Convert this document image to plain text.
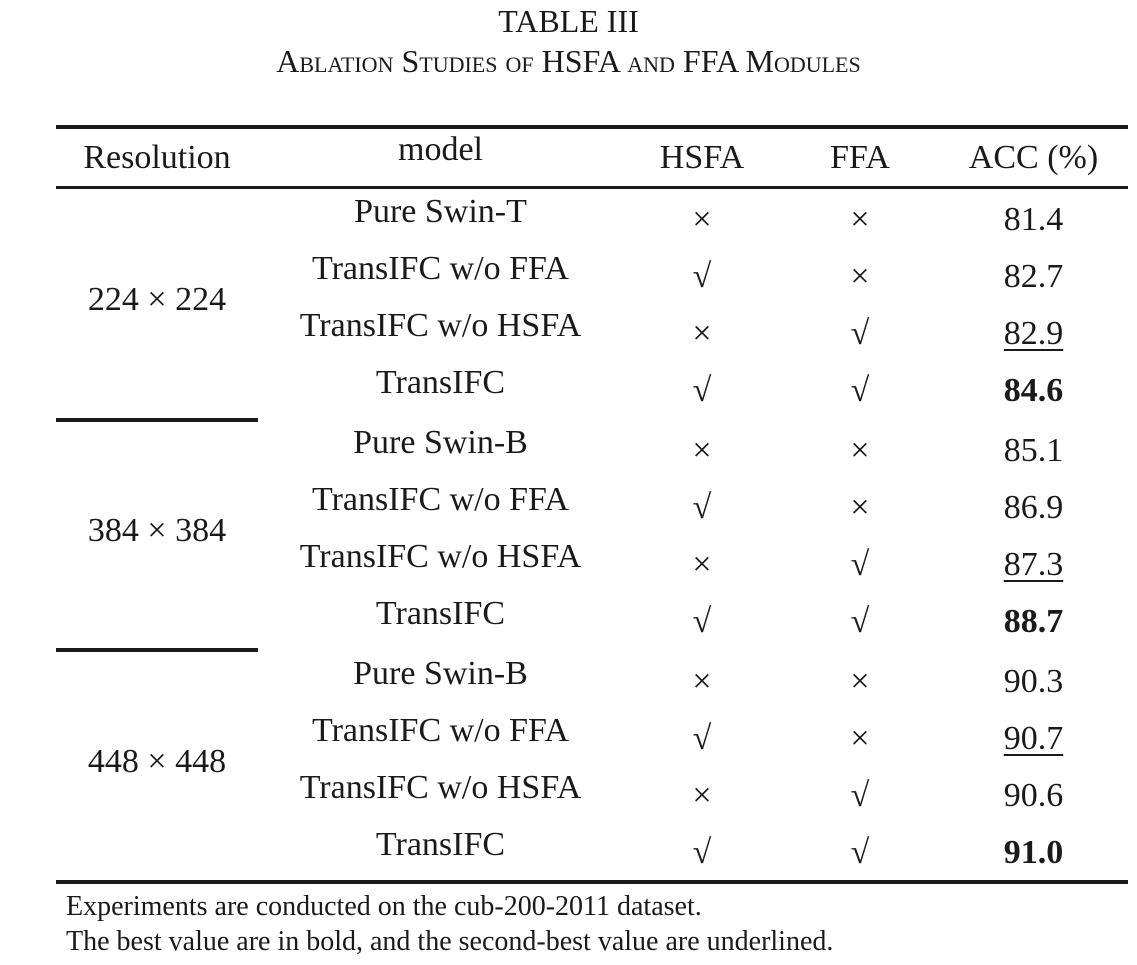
TABLE III
Ablation Studies of HSFA and FFA Modules
Resolution	model	HSFA	FFA	ACC (%)
224 × 224
Pure Swin-T	×	×	81.4
TransIFC w/o FFA	√	×	82.7
TransIFC w/o HSFA	×	√	82.9
TransIFC	√	√	84.6
384 × 384
Pure Swin-B	×	×	85.1
TransIFC w/o FFA	√	×	86.9
TransIFC w/o HSFA	×	√	87.3
TransIFC	√	√	88.7
448 × 448
Pure Swin-B	×	×	90.3
TransIFC w/o FFA	√	×	90.7
TransIFC w/o HSFA	×	√	90.6
TransIFC	√	√	91.0
Experiments are conducted on the cub-200-2011 dataset.
The best value are in bold, and the second-best value are underlined.
